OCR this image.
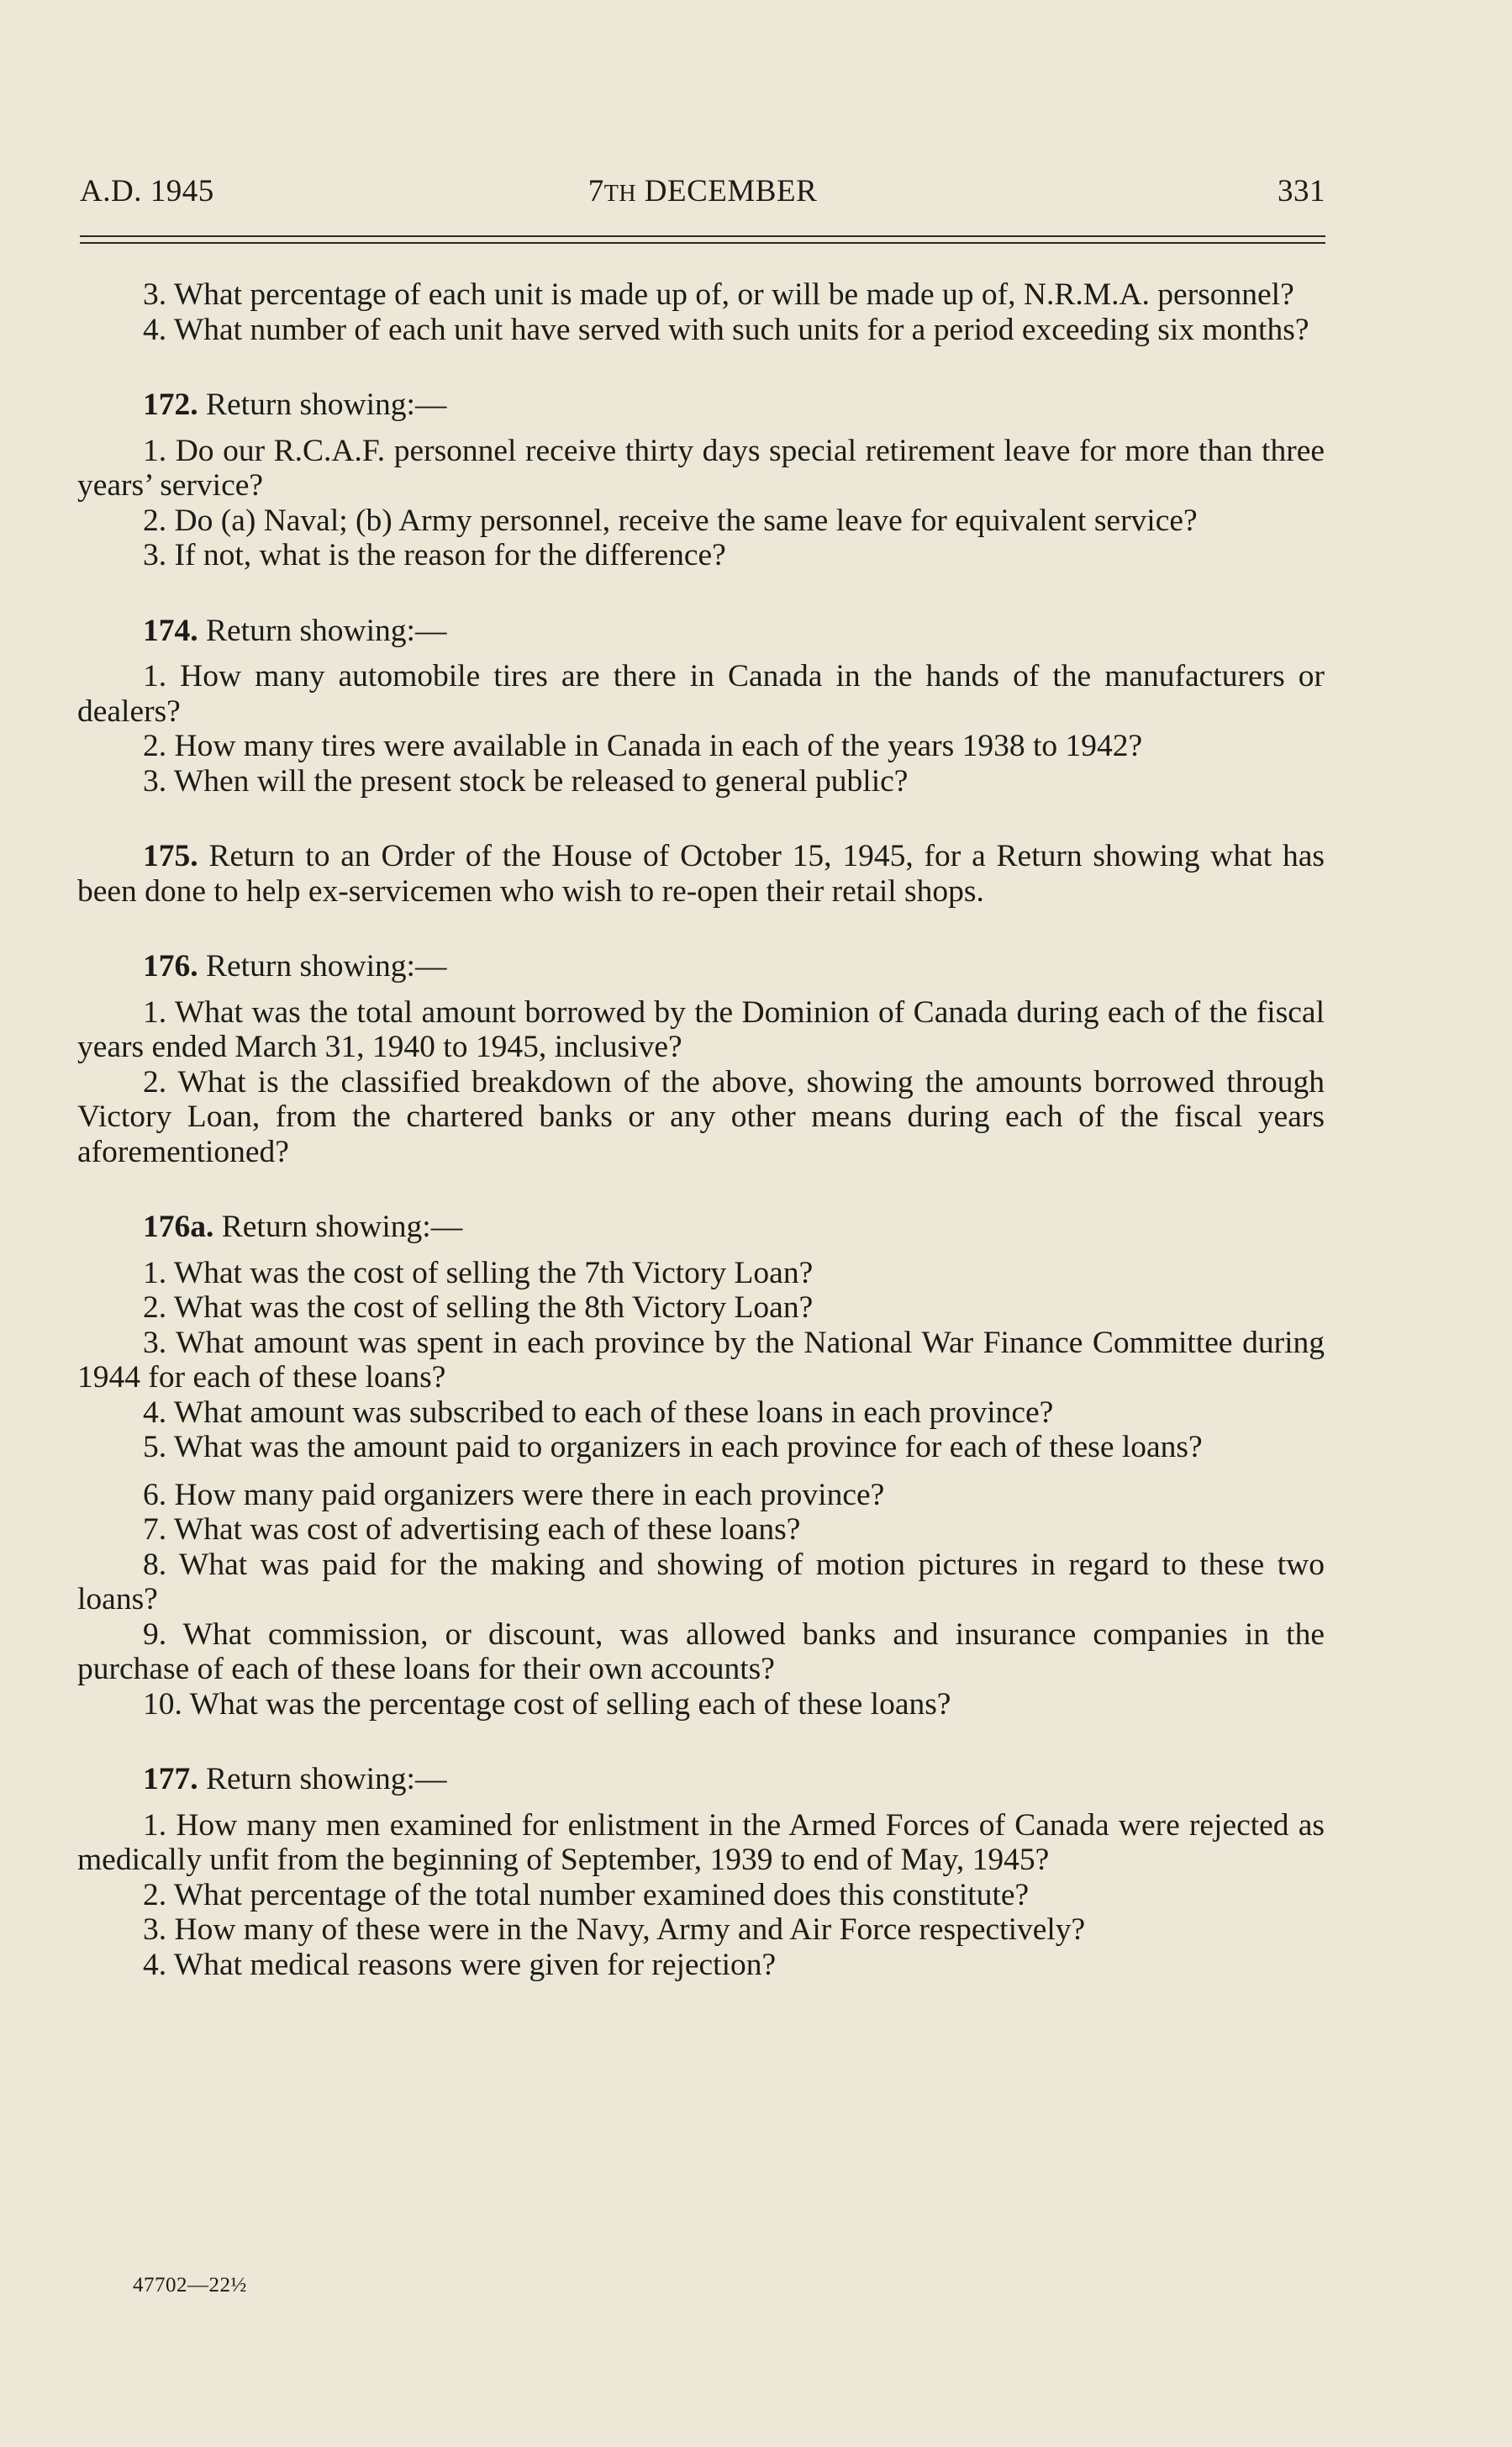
A.D. 1945	7TH DECEMBER	331

3. What percentage of each unit is made up of, or will be made up of, N.R.M.A. personnel?

4. What number of each unit have served with such units for a period exceeding six months?

172. Return showing:—

1. Do our R.C.A.F. personnel receive thirty days special retirement leave for more than three years’ service?

2. Do (a) Naval; (b) Army personnel, receive the same leave for equivalent service?

3. If not, what is the reason for the difference?

174. Return showing:—

1. How many automobile tires are there in Canada in the hands of the manufacturers or dealers?

2. How many tires were available in Canada in each of the years 1938 to 1942?

3. When will the present stock be released to general public?

175. Return to an Order of the House of October 15, 1945, for a Return showing what has been done to help ex-servicemen who wish to re-open their retail shops.

176. Return showing:—

1. What was the total amount borrowed by the Dominion of Canada during each of the fiscal years ended March 31, 1940 to 1945, inclusive?

2. What is the classified breakdown of the above, showing the amounts borrowed through Victory Loan, from the chartered banks or any other means during each of the fiscal years aforementioned?

176a. Return showing:—

1. What was the cost of selling the 7th Victory Loan?

2. What was the cost of selling the 8th Victory Loan?

3. What amount was spent in each province by the National War Finance Committee during 1944 for each of these loans?

4. What amount was subscribed to each of these loans in each province?

5. What was the amount paid to organizers in each province for each of these loans?

6. How many paid organizers were there in each province?

7. What was cost of advertising each of these loans?

8. What was paid for the making and showing of motion pictures in regard to these two loans?

9. What commission, or discount, was allowed banks and insurance companies in the purchase of each of these loans for their own accounts?

10. What was the percentage cost of selling each of these loans?

177. Return showing:—

1. How many men examined for enlistment in the Armed Forces of Canada were rejected as medically unfit from the beginning of September, 1939 to end of May, 1945?

2. What percentage of the total number examined does this constitute?

3. How many of these were in the Navy, Army and Air Force respectively?

4. What medical reasons were given for rejection?

47702—22½
